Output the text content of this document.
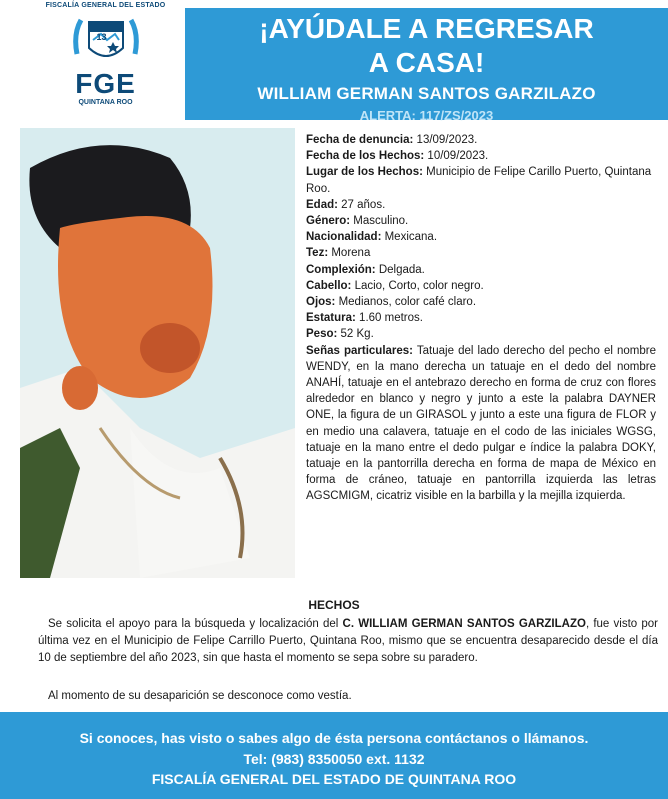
FISCALÍA GENERAL DEL ESTADO
13
FGE
QUINTANA ROO
¡AYÚDALE A REGRESAR
A CASA!
WILLIAM GERMAN SANTOS GARZILAZO
ALERTA: 117/ZS/2023

Fecha de denuncia: 13/09/2023.

Fecha de los Hechos: 10/09/2023.

Lugar de los Hechos: Municipio de Felipe Carillo Puerto, Quintana Roo.

Edad: 27 años.

Género: Masculino.

Nacionalidad: Mexicana.

Tez: Morena

Complexión: Delgada.

Cabello: Lacio, Corto, color negro.

Ojos: Medianos, color café claro.

Estatura: 1.60 metros.

Peso: 52 Kg.

Señas particulares: Tatuaje del lado derecho del pecho el nombre WENDY, en la mano derecha un tatuaje en el dedo del nombre ANAHÍ, tatuaje en el antebrazo derecho en forma de cruz con flores alrededor en blanco y negro y junto a este la palabra DAYNER ONE, la figura de un GIRASOL y junto a este una figura de FLOR y en medio una calavera, tatuaje en el codo de las iniciales WGSG, tatuaje en la mano entre el dedo pulgar e índice la palabra DOKY, tatuaje en la pantorrilla derecha en forma de mapa de México en forma de cráneo, tatuaje en pantorrilla izquierda las letras AGSCMIGM, cicatriz visible en la barbilla y la mejilla izquierda.

HECHOS
Se solicita el apoyo para la búsqueda y localización del C. WILLIAM GERMAN SANTOS GARZILAZO, fue visto por última vez en el Municipio de Felipe Carrillo Puerto, Quintana Roo, mismo que se encuentra desaparecido desde el día 10 de septiembre del año 2023, sin que hasta el momento se sepa sobre su paradero.
Al momento de su desaparición se desconoce como vestía.
Si conoces, has visto o sabes algo de ésta persona contáctanos o llámanos.
Tel: (983) 8350050 ext. 1132
FISCALÍA GENERAL DEL ESTADO DE QUINTANA ROO
